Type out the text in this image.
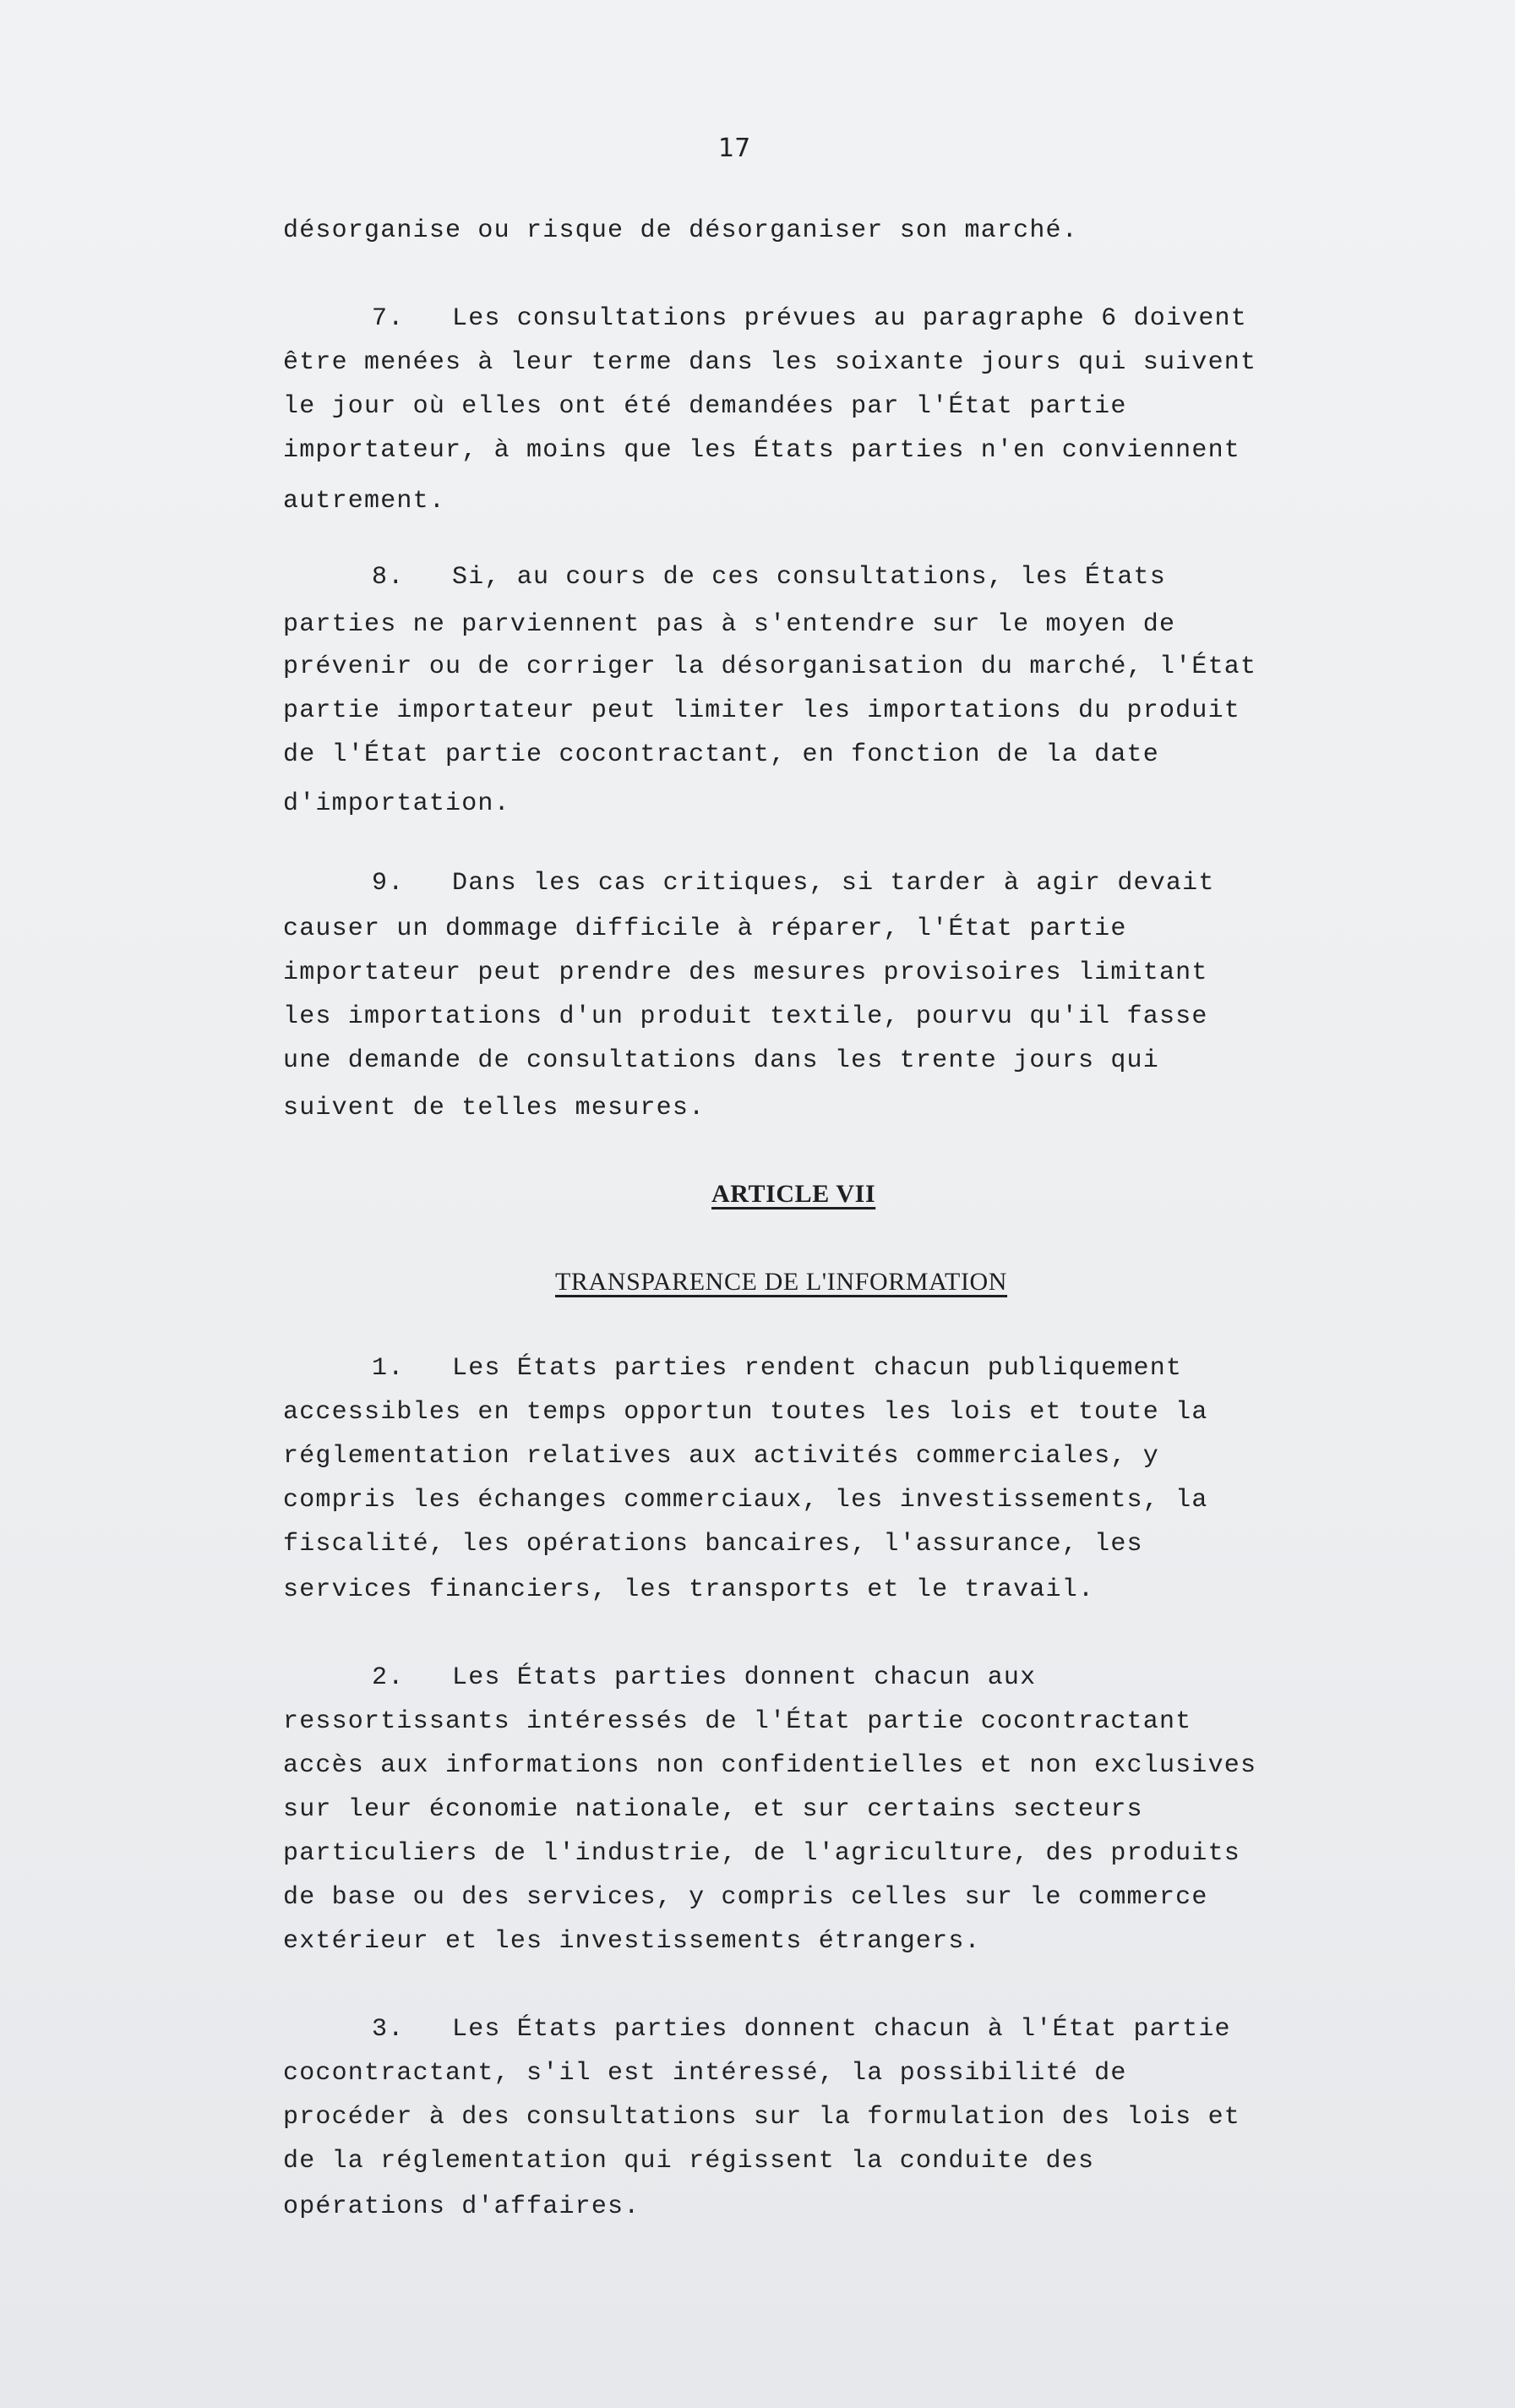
17
désorganise ou risque de désorganiser son marché.
7. Les consultations prévues au paragraphe 6 doivent
être menées à leur terme dans les soixante jours qui suivent
le jour où elles ont été demandées par l'État partie
importateur, à moins que les États parties n'en conviennent
autrement.
8. Si, au cours de ces consultations, les États
parties ne parviennent pas à s'entendre sur le moyen de
prévenir ou de corriger la désorganisation du marché, l'État
partie importateur peut limiter les importations du produit
de l'État partie cocontractant, en fonction de la date
d'importation.
9. Dans les cas critiques, si tarder à agir devait
causer un dommage difficile à réparer, l'État partie
importateur peut prendre des mesures provisoires limitant
les importations d'un produit textile, pourvu qu'il fasse
une demande de consultations dans les trente jours qui
suivent de telles mesures.
ARTICLE VII
TRANSPARENCE DE L'INFORMATION
1. Les États parties rendent chacun publiquement
accessibles en temps opportun toutes les lois et toute la
réglementation relatives aux activités commerciales, y
compris les échanges commerciaux, les investissements, la
fiscalité, les opérations bancaires, l'assurance, les
services financiers, les transports et le travail.
2. Les États parties donnent chacun aux
ressortissants intéressés de l'État partie cocontractant
accès aux informations non confidentielles et non exclusives
sur leur économie nationale, et sur certains secteurs
particuliers de l'industrie, de l'agriculture, des produits
de base ou des services, y compris celles sur le commerce
extérieur et les investissements étrangers.
3. Les États parties donnent chacun à l'État partie
cocontractant, s'il est intéressé, la possibilité de
procéder à des consultations sur la formulation des lois et
de la réglementation qui régissent la conduite des
opérations d'affaires.
